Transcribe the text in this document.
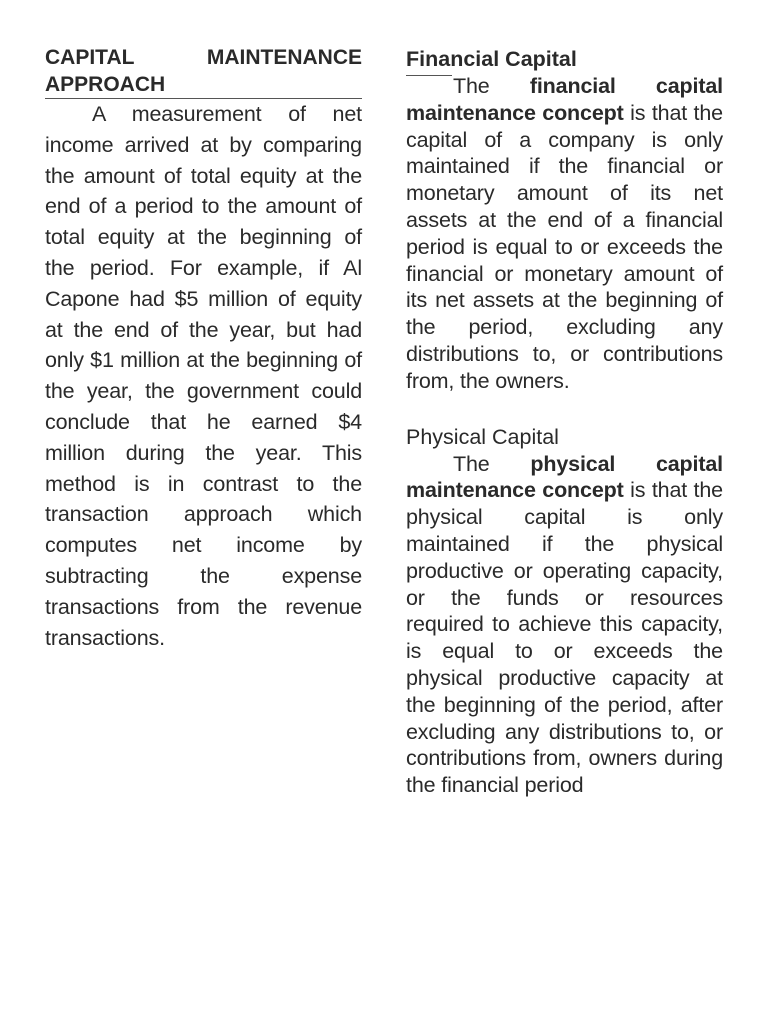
CAPITAL MAINTENANCE APPROACH

A measurement of net income arrived at by comparing the amount of total equity at the end of a period to the amount of total equity at the beginning of the period. For example, if Al Capone had $5 million of equity at the end of the year, but had only $1 million at the beginning of the year, the government could conclude that he earned $4 million during the year. This method is in contrast to the transaction approach which computes net income by subtracting the expense transactions from the revenue transactions.

Financial Capital

The financial capital maintenance concept is that the capital of a company is only maintained if the financial or monetary amount of its net assets at the end of a financial period is equal to or exceeds the financial or monetary amount of its net assets at the beginning of the period, excluding any distributions to, or contributions from, the owners.

Physical Capital

The physical capital maintenance concept is that the physical capital is only maintained if the physical productive or operating capacity, or the funds or resources required to achieve this capacity, is equal to or exceeds the physical productive capacity at the beginning of the period, after excluding any distributions to, or contributions from, owners during the financial period
